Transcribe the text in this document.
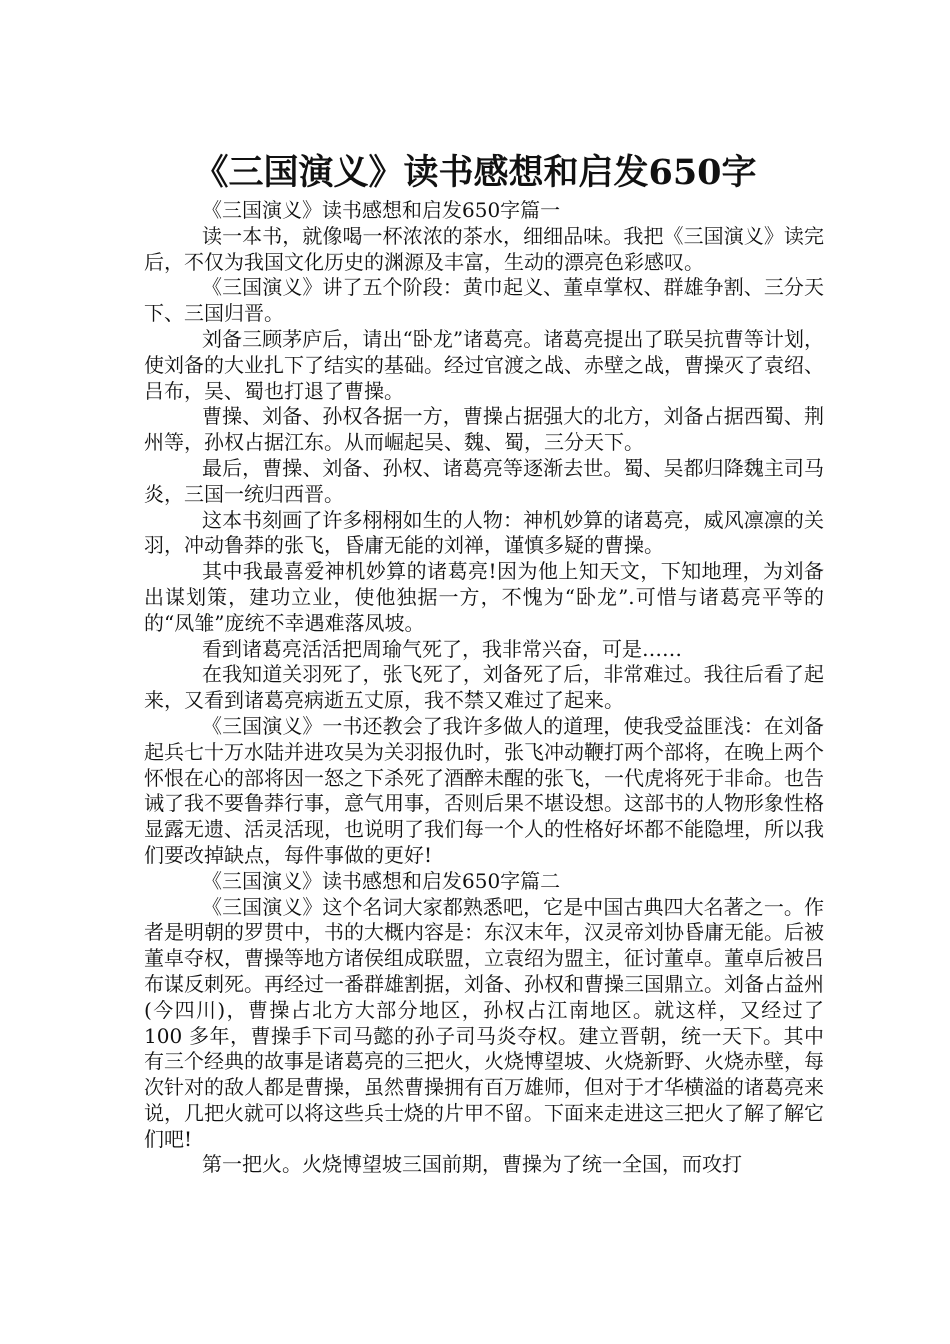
《三国演义》读书感想和启发650字

《三国演义》读书感想和启发650字篇一

读一本书，就像喝一杯浓浓的茶水，细细品味。我把《三国演义》读完后，不仅为我国文化历史的渊源及丰富，生动的漂亮色彩感叹。

《三国演义》讲了五个阶段：黄巾起义、董卓掌权、群雄争割、三分天下、三国归晋。

刘备三顾茅庐后，请出“卧龙”诸葛亮。诸葛亮提出了联吴抗曹等计划，使刘备的大业扎下了结实的基础。经过官渡之战、赤壁之战，曹操灭了袁绍、吕布，吴、蜀也打退了曹操。

曹操、刘备、孙权各据一方，曹操占据强大的北方，刘备占据西蜀、荆州等，孙权占据江东。从而崛起吴、魏、蜀，三分天下。

最后，曹操、刘备、孙权、诸葛亮等逐渐去世。蜀、吴都归降魏主司马炎，三国一统归西晋。

这本书刻画了许多栩栩如生的人物：神机妙算的诸葛亮，威风凛凛的关羽，冲动鲁莽的张飞，昏庸无能的刘禅，谨慎多疑的曹操。

其中我最喜爱神机妙算的诸葛亮!因为他上知天文，下知地理，为刘备出谋划策，建功立业，使他独据一方，不愧为“卧龙”.可惜与诸葛亮平等的的“凤雏”庞统不幸遇难落凤坡。

看到诸葛亮活活把周瑜气死了，我非常兴奋，可是……

在我知道关羽死了，张飞死了，刘备死了后，非常难过。我往后看了起来，又看到诸葛亮病逝五丈原，我不禁又难过了起来。

《三国演义》一书还教会了我许多做人的道理，使我受益匪浅：在刘备起兵七十万水陆并进攻吴为关羽报仇时，张飞冲动鞭打两个部将，在晚上两个怀恨在心的部将因一怒之下杀死了酒醉未醒的张飞，一代虎将死于非命。也告诫了我不要鲁莽行事，意气用事，否则后果不堪设想。这部书的人物形象性格显露无遗、活灵活现，也说明了我们每一个人的性格好坏都不能隐埋，所以我们要改掉缺点，每件事做的更好!

《三国演义》读书感想和启发650字篇二

《三国演义》这个名词大家都熟悉吧，它是中国古典四大名著之一。作者是明朝的罗贯中，书的大概内容是：东汉末年，汉灵帝刘协昏庸无能。后被董卓夺权，曹操等地方诸侯组成联盟，立袁绍为盟主，征讨董卓。董卓后被吕布谋反刺死。再经过一番群雄割据，刘备、孙权和曹操三国鼎立。刘备占益州(今四川)，曹操占北方大部分地区，孙权占江南地区。就这样，又经过了 100 多年，曹操手下司马懿的孙子司马炎夺权。建立晋朝，统一天下。其中有三个经典的故事是诸葛亮的三把火，火烧博望坡、火烧新野、火烧赤壁，每次针对的敌人都是曹操，虽然曹操拥有百万雄师，但对于才华横溢的诸葛亮来说，几把火就可以将这些兵士烧的片甲不留。下面来走进这三把火了解了解它们吧!

第一把火。火烧博望坡三国前期，曹操为了统一全国，而攻打
